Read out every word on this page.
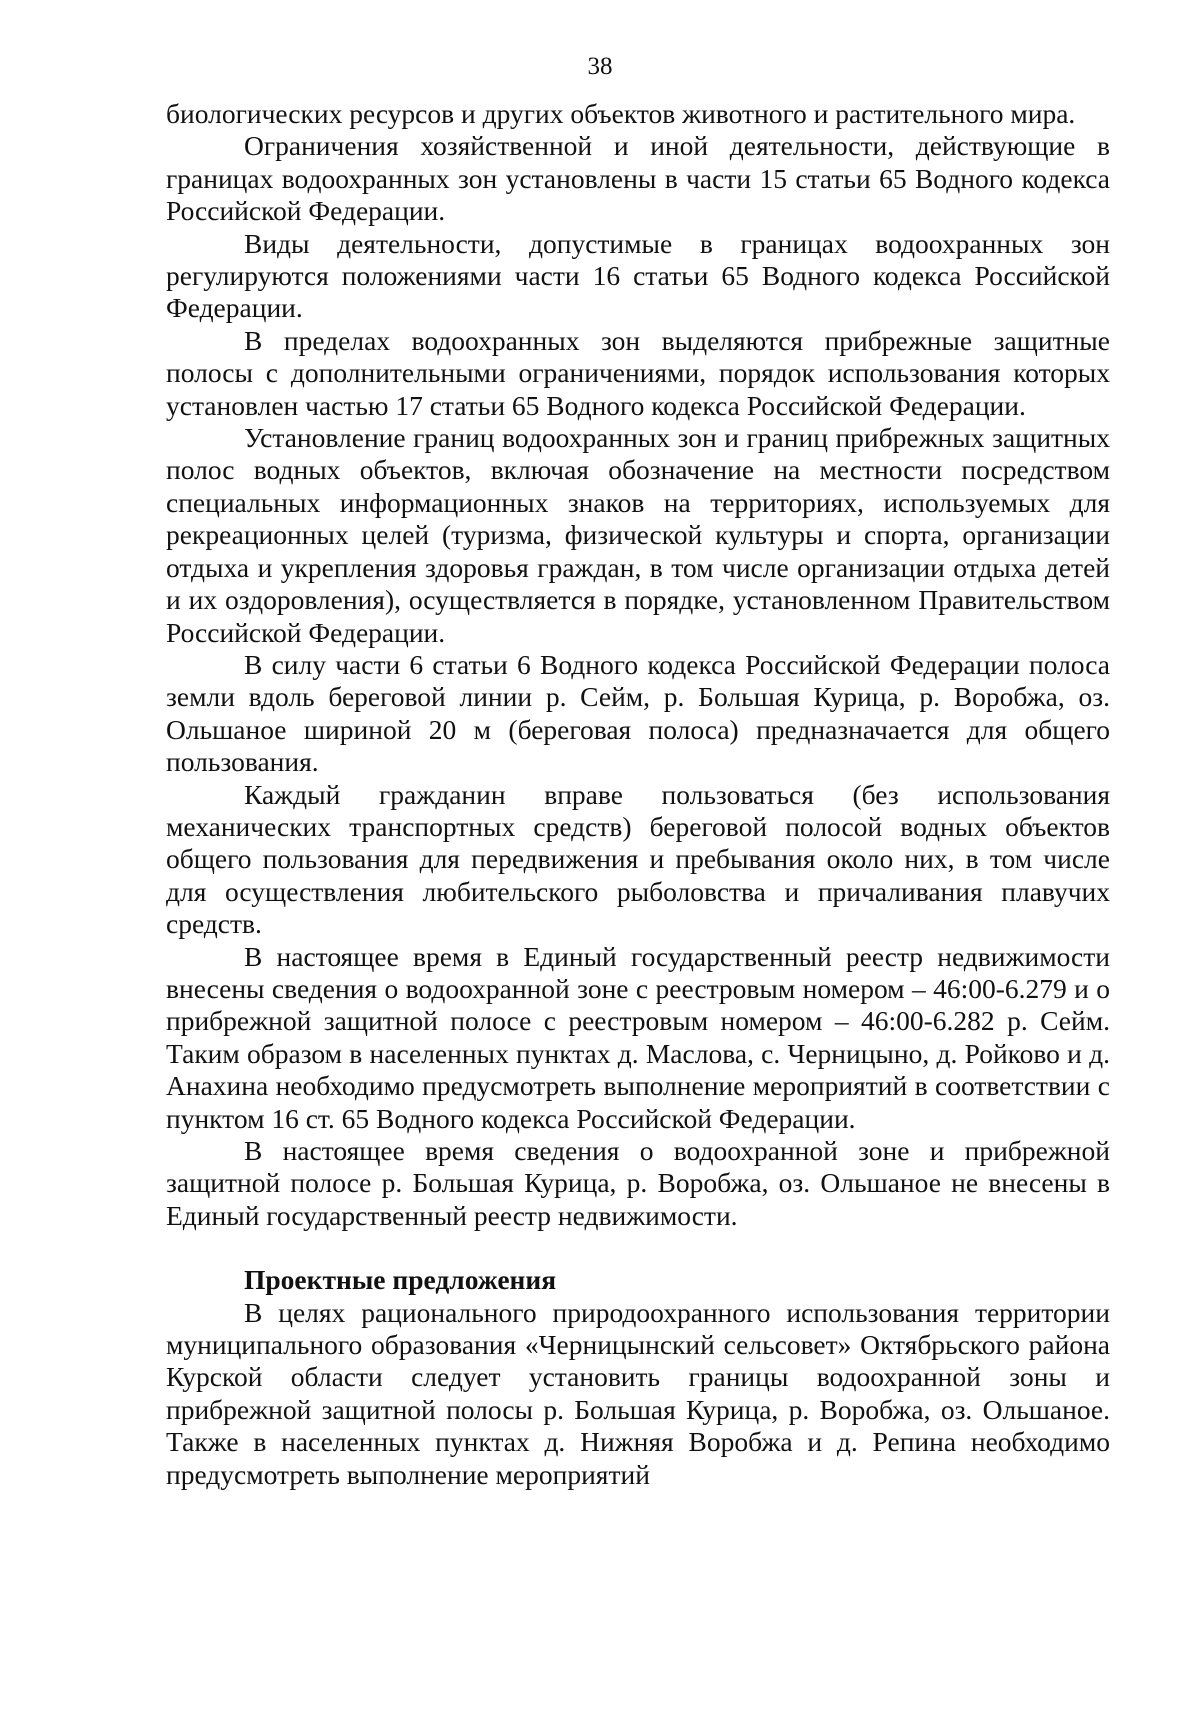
38

биологических ресурсов и других объектов животного и растительного мира.

Ограничения хозяйственной и иной деятельности, действующие в границах водоохранных зон установлены в части 15 статьи 65 Водного кодекса Российской Федерации.

Виды деятельности, допустимые в границах водоохранных зон регулируются положениями части 16 статьи 65 Водного кодекса Российской Федерации.

В пределах водоохранных зон выделяются прибрежные защитные полосы с дополнительными ограничениями, порядок использования которых установлен частью 17 статьи 65 Водного кодекса Российской Федерации.

Установление границ водоохранных зон и границ прибрежных защитных полос водных объектов, включая обозначение на местности посредством специальных информационных знаков на территориях, используемых для рекреационных целей (туризма, физической культуры и спорта, организации отдыха и укрепления здоровья граждан, в том числе организации отдыха детей и их оздоровления), осуществляется в порядке, установленном Правительством Российской Федерации.

В силу части 6 статьи 6 Водного кодекса Российской Федерации полоса земли вдоль береговой линии р. Сейм, р. Большая Курица, р. Воробжа, оз. Ольшаное шириной 20 м (береговая полоса) предназначается для общего пользования.

Каждый гражданин вправе пользоваться (без использования механических транспортных средств) береговой полосой водных объектов общего пользования для передвижения и пребывания около них, в том числе для осуществления любительского рыболовства и причаливания плавучих средств.

В настоящее время в Единый государственный реестр недвижимости внесены сведения о водоохранной зоне с реестровым номером – 46:00-6.279 и о прибрежной защитной полосе с реестровым номером – 46:00-6.282 р. Сейм. Таким образом в населенных пунктах д. Маслова, с. Черницыно, д. Ройково и д. Анахина необходимо предусмотреть выполнение мероприятий в соответствии с пунктом 16 ст. 65 Водного кодекса Российской Федерации.

В настоящее время сведения о водоохранной зоне и прибрежной защитной полосе р. Большая Курица, р. Воробжа, оз. Ольшаное не внесены в Единый государственный реестр недвижимости.

Проектные предложения

В целях рационального природоохранного использования территории муниципального образования «Черницынский сельсовет» Октябрьского района Курской области следует установить границы водоохранной зоны и прибрежной защитной полосы р. Большая Курица, р. Воробжа, оз. Ольшаное. Также в населенных пунктах д. Нижняя Воробжа и д. Репина необходимо предусмотреть выполнение мероприятий
